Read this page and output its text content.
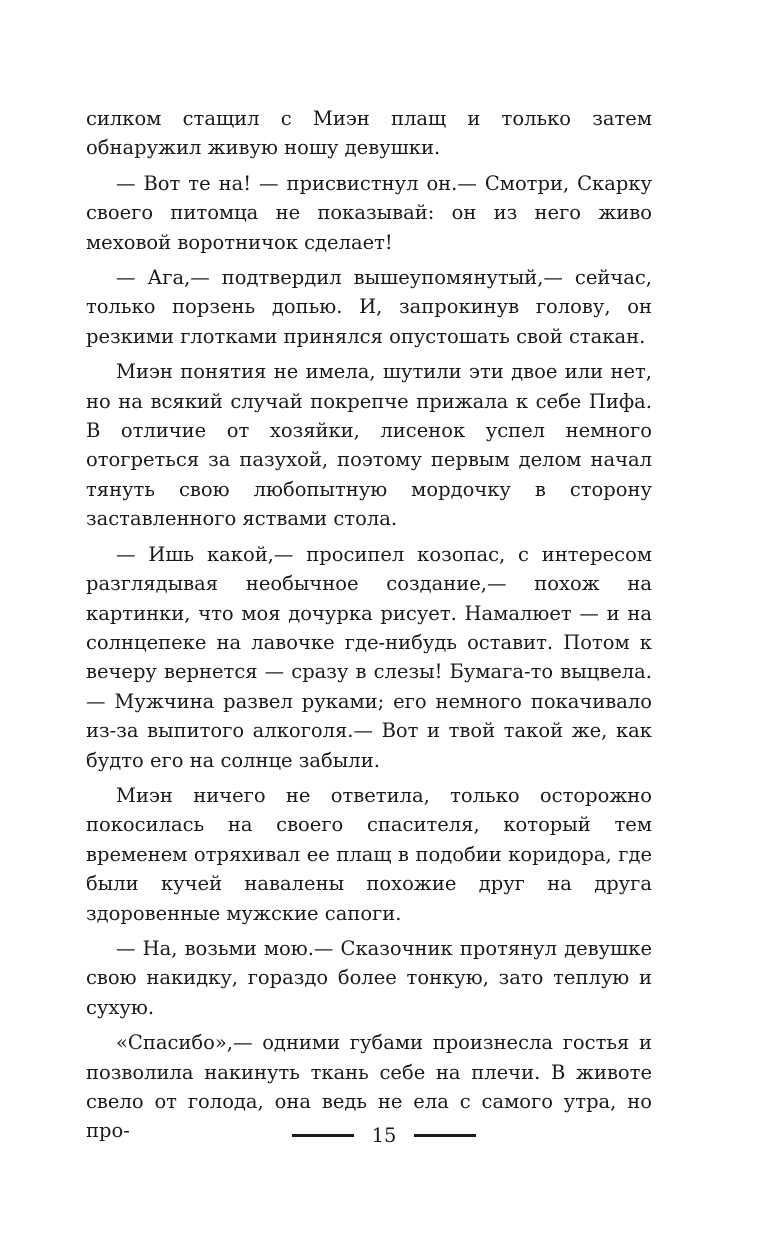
силком стащил с Миэн плащ и только затем обнаружил живую ношу девушки.

— Вот те на! — присвистнул он.— Смотри, Скарку своего питомца не показывай: он из него живо меховой воротничок сделает!

— Ага,— подтвердил вышеупомянутый,— сейчас, только порзень допью. И, запрокинув голову, он резкими глотками принялся опустошать свой стакан.

Миэн понятия не имела, шутили эти двое или нет, но на всякий случай покрепче прижала к себе Пифа. В отличие от хозяйки, лисенок успел немного отогреться за пазухой, поэтому первым делом начал тянуть свою любопытную мордочку в сторону заставленного яствами стола.

— Ишь какой,— просипел козопас, с интересом разглядывая необычное создание,— похож на картинки, что моя дочурка рисует. Намалюет — и на солнцепеке на лавочке где-нибудь оставит. Потом к вечеру вернется — сразу в слезы! Бумага-то выцвела.— Мужчина развел руками; его немного покачивало из-за выпитого алкоголя.— Вот и твой такой же, как будто его на солнце забыли.

Миэн ничего не ответила, только осторожно покосилась на своего спасителя, который тем временем отряхивал ее плащ в подобии коридора, где были кучей навалены похожие друг на друга здоровенные мужские сапоги.

— На, возьми мою.— Сказочник протянул девушке свою накидку, гораздо более тонкую, зато теплую и сухую.

«Спасибо»,— одними губами произнесла гостья и позволила накинуть ткань себе на плечи. В животе свело от голода, она ведь не ела с самого утра, но про-	15
